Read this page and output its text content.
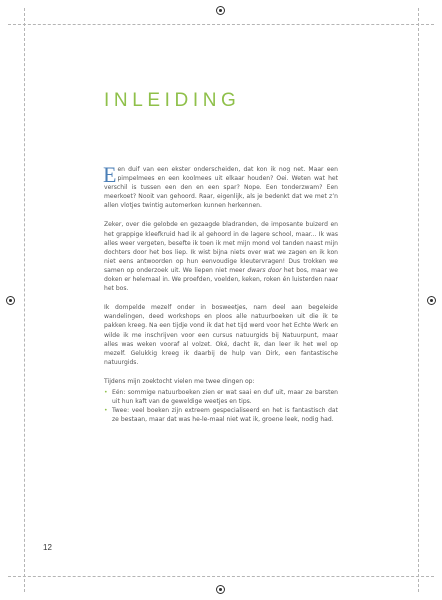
INLEIDING

Een duif van een ekster onderscheiden, dat kon ik nog net. Maar een pimpelmees en een koolmees uit elkaar houden? Oei. Weten wat het verschil is tussen een den en een spar? Nope. Een tonderzwam? Een meerkoet? Nooit van gehoord. Raar, eigenlijk, als je bedenkt dat we met z’n allen vlotjes twintig automerken kunnen herkennen.

Zeker, over die gelobde en gezaagde bladranden, de imposante buizerd en het grappige kleefkruid had ik al gehoord in de lagere school, maar... Ik was alles weer vergeten, besefte ik toen ik met mijn mond vol tanden naast mijn dochters door het bos liep. Ik wist bijna niets over wat we zagen en ik kon niet eens antwoorden op hun eenvoudige kleutervragen! Dus trokken we samen op onderzoek uit. We liepen niet meer dwars door het bos, maar we doken er helemaal in. We proefden, voelden, keken, roken én luisterden naar het bos.

Ik dompelde mezelf onder in bosweetjes, nam deel aan begeleide wandelingen, deed workshops en ploos alle natuurboeken uit die ik te pakken kreeg. Na een tijdje vond ik dat het tijd werd voor het Echte Werk en wilde ik me inschrijven voor een cursus natuurgids bij Natuurpunt, maar alles was weken vooraf al volzet. Oké, dacht ik, dan leer ik het wel op mezelf. Gelukkig kreeg ik daarbij de hulp van Dirk, een fantastische natuurgids.

Tijdens mijn zoektocht vielen me twee dingen op:
• Eén: sommige natuurboeken zien er wat saai en duf uit, maar ze barsten uit hun kaft van de geweldige weetjes en tips.
• Twee: veel boeken zijn extreem gespecialiseerd en het is fantastisch dat ze bestaan, maar dat was he-le-maal niet wat ik, groene leek, nodig had.
12
